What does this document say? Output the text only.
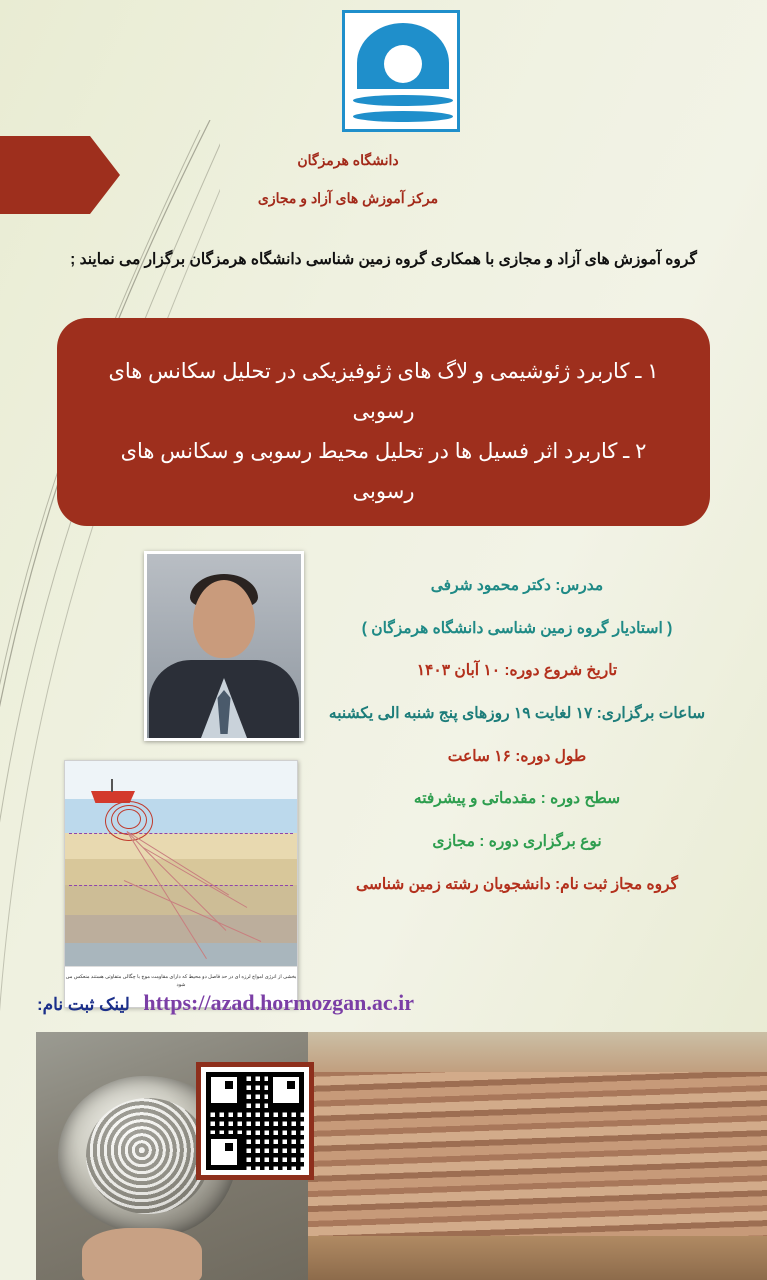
دانشگاه هرمزگان
مرکز آموزش های آزاد و مجازی
گروه آموزش های آزاد و مجازی با همکاری گروه زمین شناسی دانشگاه هرمزگان برگزار می نمایند ;
۱ ـ کاربرد ژئوشیمی و لاگ های ژئوفیزیکی در تحلیل سکانس های رسوبی
۲ ـ کاربرد اثر فسیل ها در تحلیل محیط رسوبی و سکانس های رسوبی
بخشی از انرژی امواج لرزه ای در حد فاصل دو محیط که دارای مقاومت موج با چگالی متفاوتی هستند منعکس می شود
مدرس: دکتر محمود شرفی
( استادیار گروه زمین شناسی دانشگاه هرمزگان )
تاریخ شروع دوره: ۱۰ آبان ۱۴۰۳
ساعات برگزاری: ۱۷ لغایت ۱۹ روزهای پنج شنبه الی یکشنبه
طول دوره: ۱۶ ساعت
سطح دوره : مقدماتی و پیشرفته
نوع برگزاری دوره : مجازی
گروه مجاز ثبت نام: دانشجویان رشته زمین شناسی
https://azad.hormozgan.ac.ir لینک ثبت نام:
